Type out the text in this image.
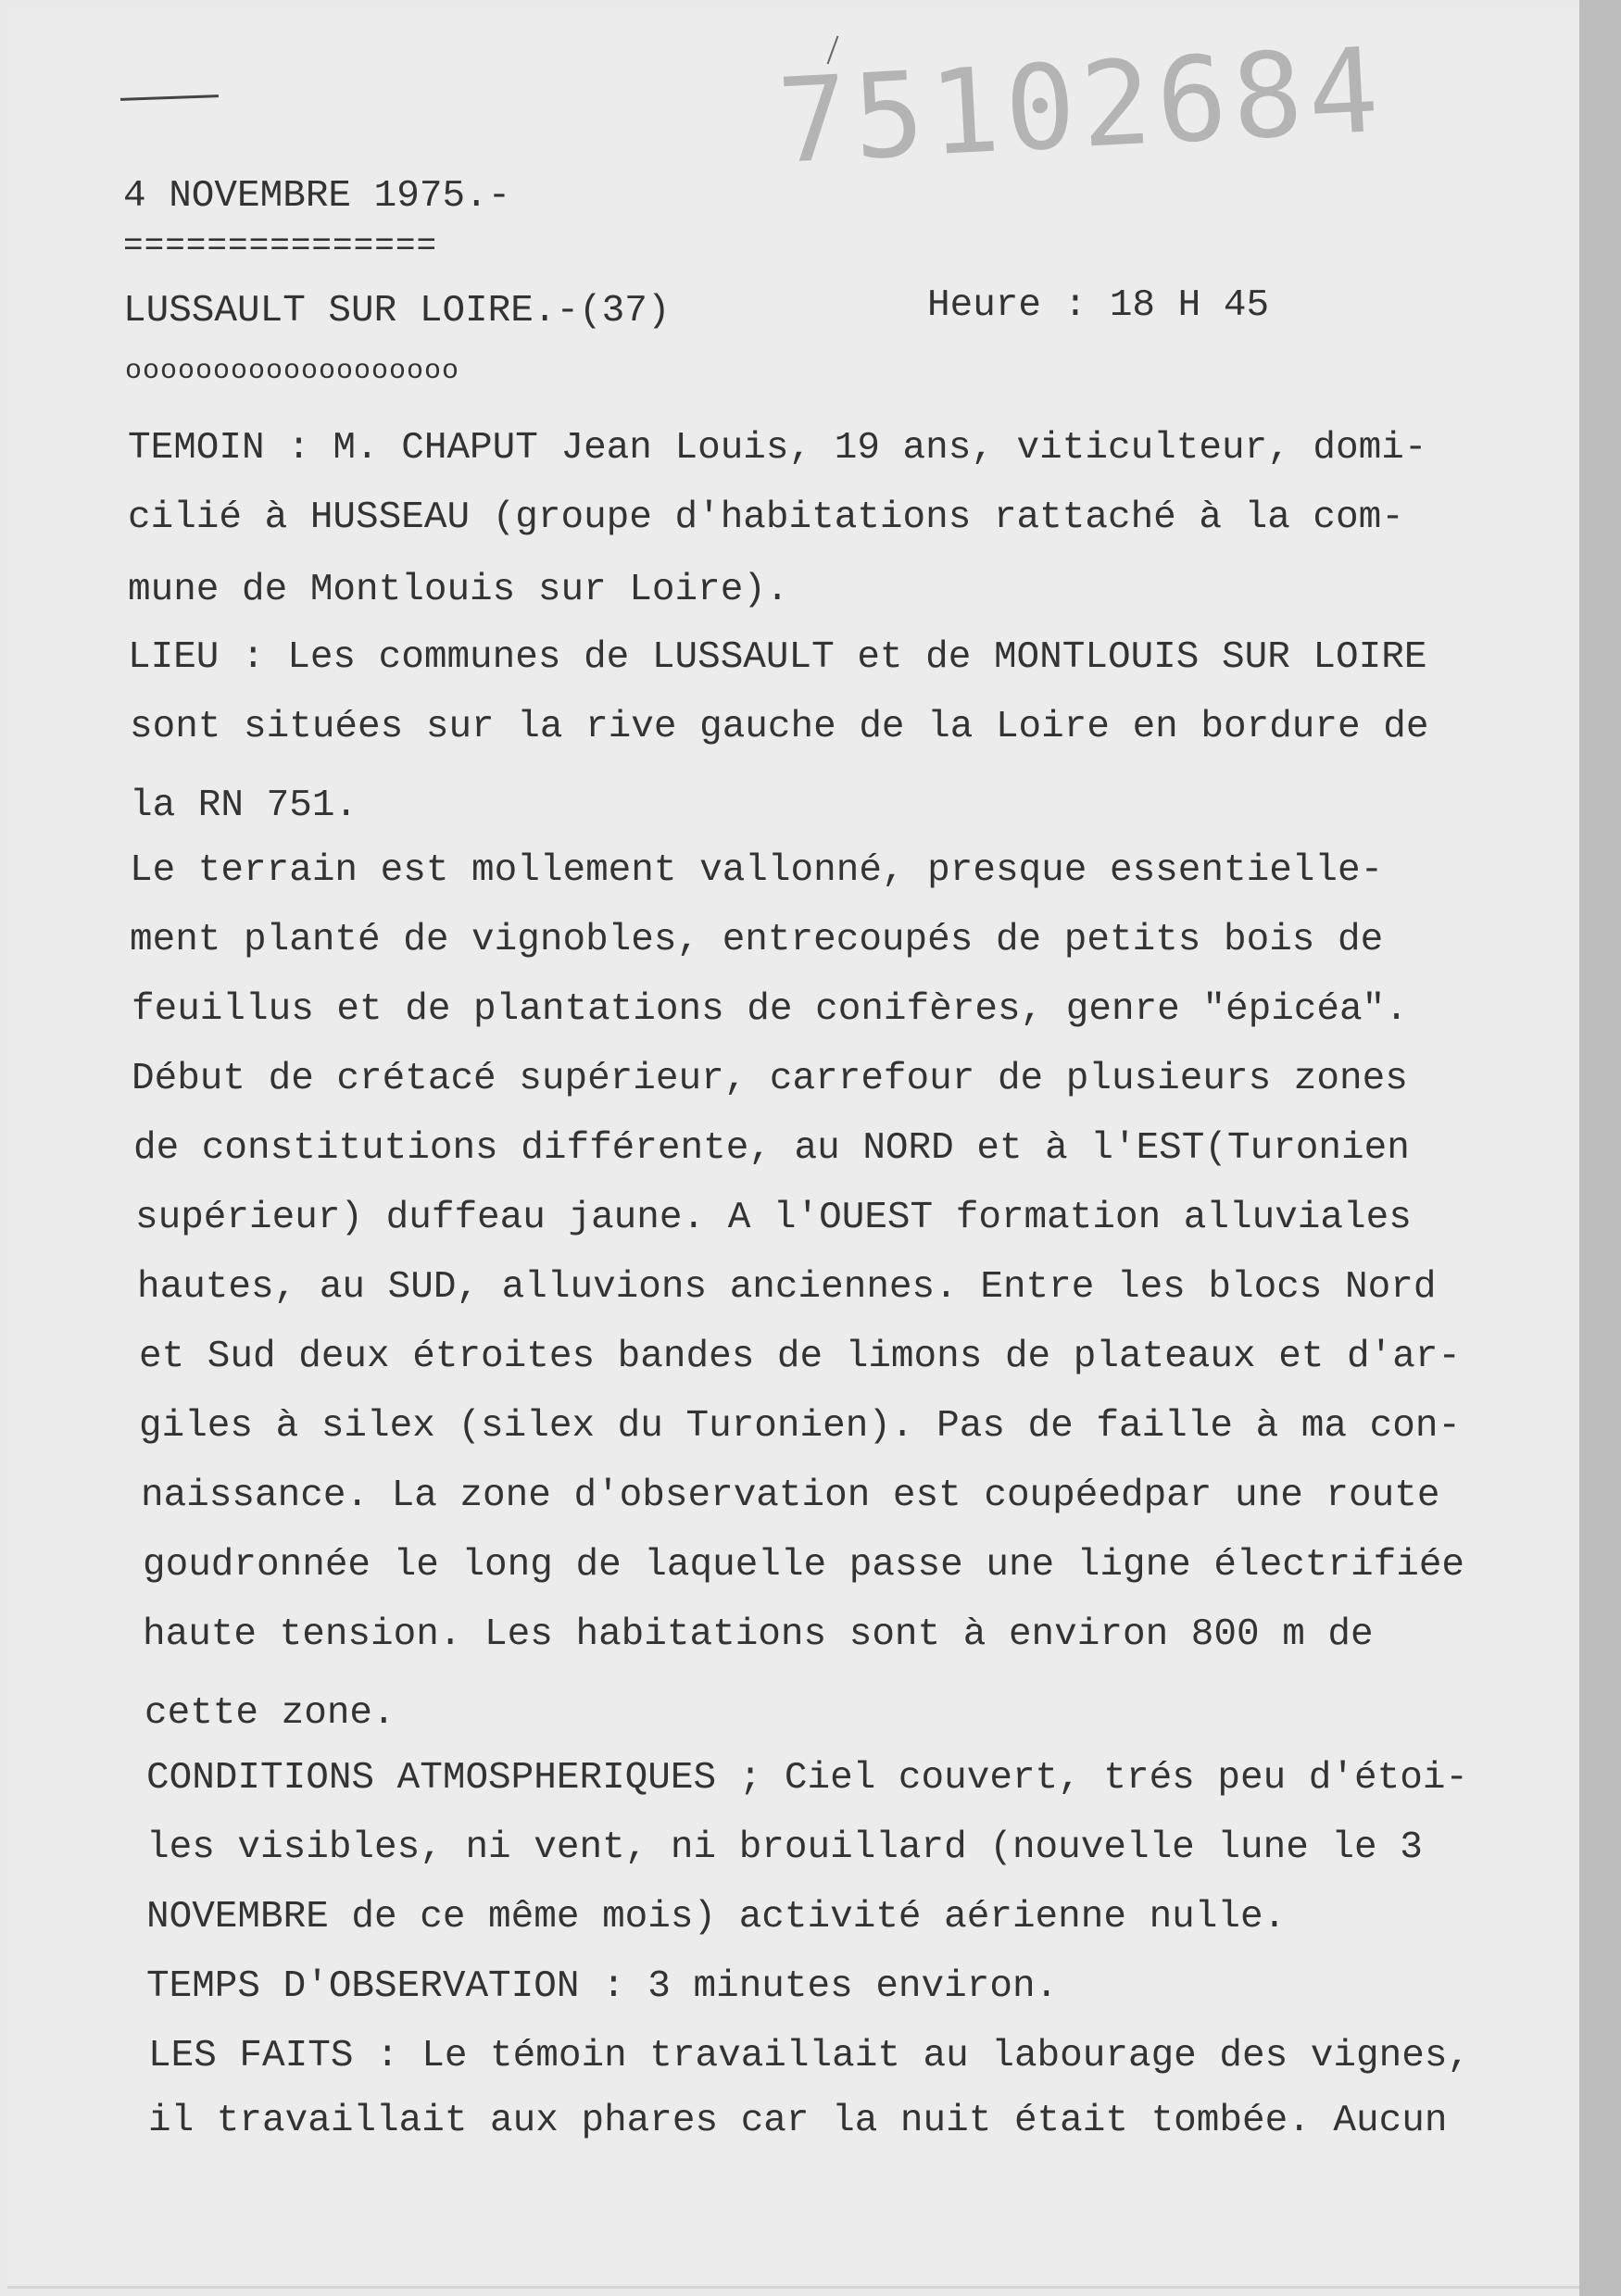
75102684
4 NOVEMBRE 1975.-
===============
LUSSAULT SUR LOIRE.-(37)	Heure : 18 H 45
ooooooooooooooooooo
TEMOIN : M. CHAPUT Jean Louis, 19 ans, viticulteur, domi-
cilié à HUSSEAU (groupe d'habitations rattaché à la com-
mune de Montlouis sur Loire).
LIEU : Les communes de LUSSAULT et de MONTLOUIS SUR LOIRE
sont situées sur la rive gauche de la Loire en bordure de
la RN 751.
Le terrain est mollement vallonné, presque essentielle-
ment planté de vignobles, entrecoupés de petits bois de
feuillus et de plantations de conifères, genre "épicéa".
Début de crétacé supérieur, carrefour de plusieurs zones
de constitutions différente, au NORD et à l'EST(Turonien
supérieur) duffeau jaune. A l'OUEST formation alluviales
hautes, au SUD, alluvions anciennes. Entre les blocs Nord
et Sud deux étroites bandes de limons de plateaux et d'ar-
giles à silex (silex du Turonien). Pas de faille à ma con-
naissance. La zone d'observation est coupéedpar une route
goudronnée le long de laquelle passe une ligne électrifiée
haute tension. Les habitations sont à environ 800 m de
cette zone.
CONDITIONS ATMOSPHERIQUES ; Ciel couvert, trés peu d'étoi-
les visibles, ni vent, ni brouillard (nouvelle lune le 3
NOVEMBRE de ce même mois) activité aérienne nulle.
TEMPS D'OBSERVATION : 3 minutes environ.
LES FAITS : Le témoin travaillait au labourage des vignes,
il travaillait aux phares car la nuit était tombée. Aucun
